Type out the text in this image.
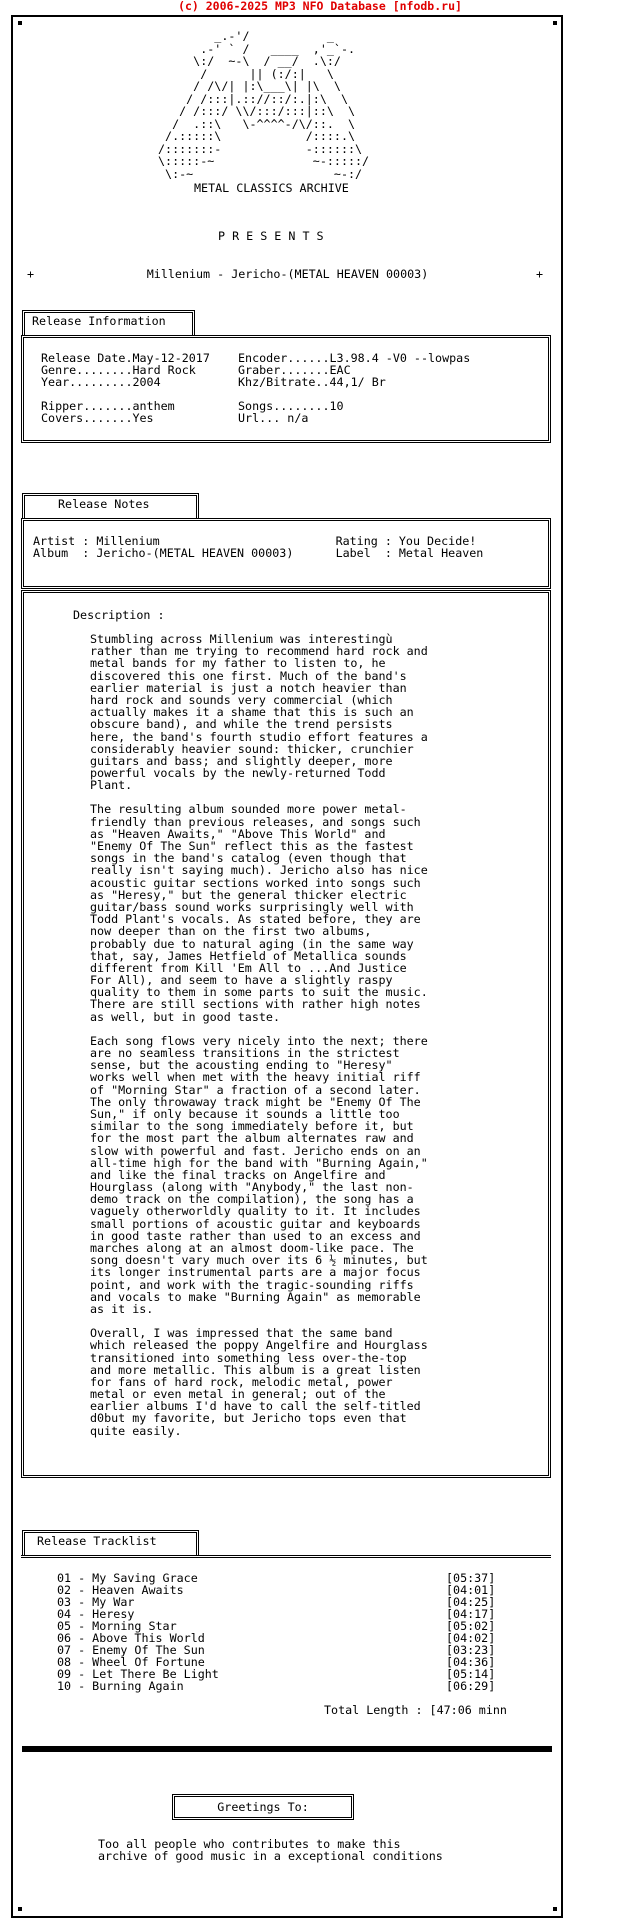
(c) 2006-2025 MP3 NFO Database [nfodb.ru]
_.-'/           _
.-' ` /   ____  ,'_`-.
\:/  ~-\  / __/  .\:/
/      || (:/:|   \
/ /\/| |:\___\| |\  \
/ /:::|.:://::/:.|:\  \
/ /:::/ \\/:::/:::|::\  \
/  .::\   \-^^^^-/\/::.  \
/.:::::\            /::::.\
/:::::::-            -::::::\
\:::::-~              ~-:::::/
\:-~                    ~-:/
METAL CLASSICS ARCHIVE
P R E S E N T S
+	Millenium - Jericho-(METAL HEAVEN 00003)	+
Release Information
Release Date.May-12-2017    Encoder......L3.98.4 -V0 --lowpas
Genre........Hard Rock      Graber.......EAC
Year.........2004           Khz/Bitrate..44,1/ Br
Ripper.......anthem         Songs........10
Covers.......Yes            Url... n/a
Release Notes
Artist : Millenium                         Rating : You Decide!
Album  : Jericho-(METAL HEAVEN 00003)      Label  : Metal Heaven
Description :
Stumbling across Millenium was interestingù
rather than me trying to recommend hard rock and
metal bands for my father to listen to, he
discovered this one first. Much of the band's
earlier material is just a notch heavier than
hard rock and sounds very commercial (which
actually makes it a shame that this is such an
obscure band), and while the trend persists
here, the band's fourth studio effort features a
considerably heavier sound: thicker, crunchier
guitars and bass; and slightly deeper, more
powerful vocals by the newly-returned Todd
Plant.
The resulting album sounded more power metal-
friendly than previous releases, and songs such
as "Heaven Awaits," "Above This World" and
"Enemy Of The Sun" reflect this as the fastest
songs in the band's catalog (even though that
really isn't saying much). Jericho also has nice
acoustic guitar sections worked into songs such
as "Heresy," but the general thicker electric
guitar/bass sound works surprisingly well with
Todd Plant's vocals. As stated before, they are
now deeper than on the first two albums,
probably due to natural aging (in the same way
that, say, James Hetfield of Metallica sounds
different from Kill 'Em All to ...And Justice
For All), and seem to have a slightly raspy
quality to them in some parts to suit the music.
There are still sections with rather high notes
as well, but in good taste.
Each song flows very nicely into the next; there
are no seamless transitions in the strictest
sense, but the acousting ending to "Heresy"
works well when met with the heavy initial riff
of "Morning Star" a fraction of a second later.
The only throwaway track might be "Enemy Of The
Sun," if only because it sounds a little too
similar to the song immediately before it, but
for the most part the album alternates raw and
slow with powerful and fast. Jericho ends on an
all-time high for the band with "Burning Again,"
and like the final tracks on Angelfire and
Hourglass (along with "Anybody," the last non-
demo track on the compilation), the song has a
vaguely otherworldly quality to it. It includes
small portions of acoustic guitar and keyboards
in good taste rather than used to an excess and
marches along at an almost doom-like pace. The
song doesn't vary much over its 6 ½ minutes, but
its longer instrumental parts are a major focus
point, and work with the tragic-sounding riffs
and vocals to make "Burning Again" as memorable
as it is.
Overall, I was impressed that the same band
which released the poppy Angelfire and Hourglass
transitioned into something less over-the-top
and more metallic. This album is a great listen
for fans of hard rock, melodic metal, power
metal or even metal in general; out of the
earlier albums I'd have to call the self-titled
d0but my favorite, but Jericho tops even that
quite easily.
Release Tracklist
01 - My Saving Grace	[05:37]
02 - Heaven Awaits	[04:01]
03 - My War	[04:25]
04 - Heresy	[04:17]
05 - Morning Star	[05:02]
06 - Above This World	[04:02]
07 - Enemy Of The Sun	[03:23]
08 - Wheel Of Fortune	[04:36]
09 - Let There Be Light	[05:14]
10 - Burning Again	[06:29]
Total Length : [47:06 minn
Greetings To:
Too all people who contributes to make this
archive of good music in a exceptional conditions
